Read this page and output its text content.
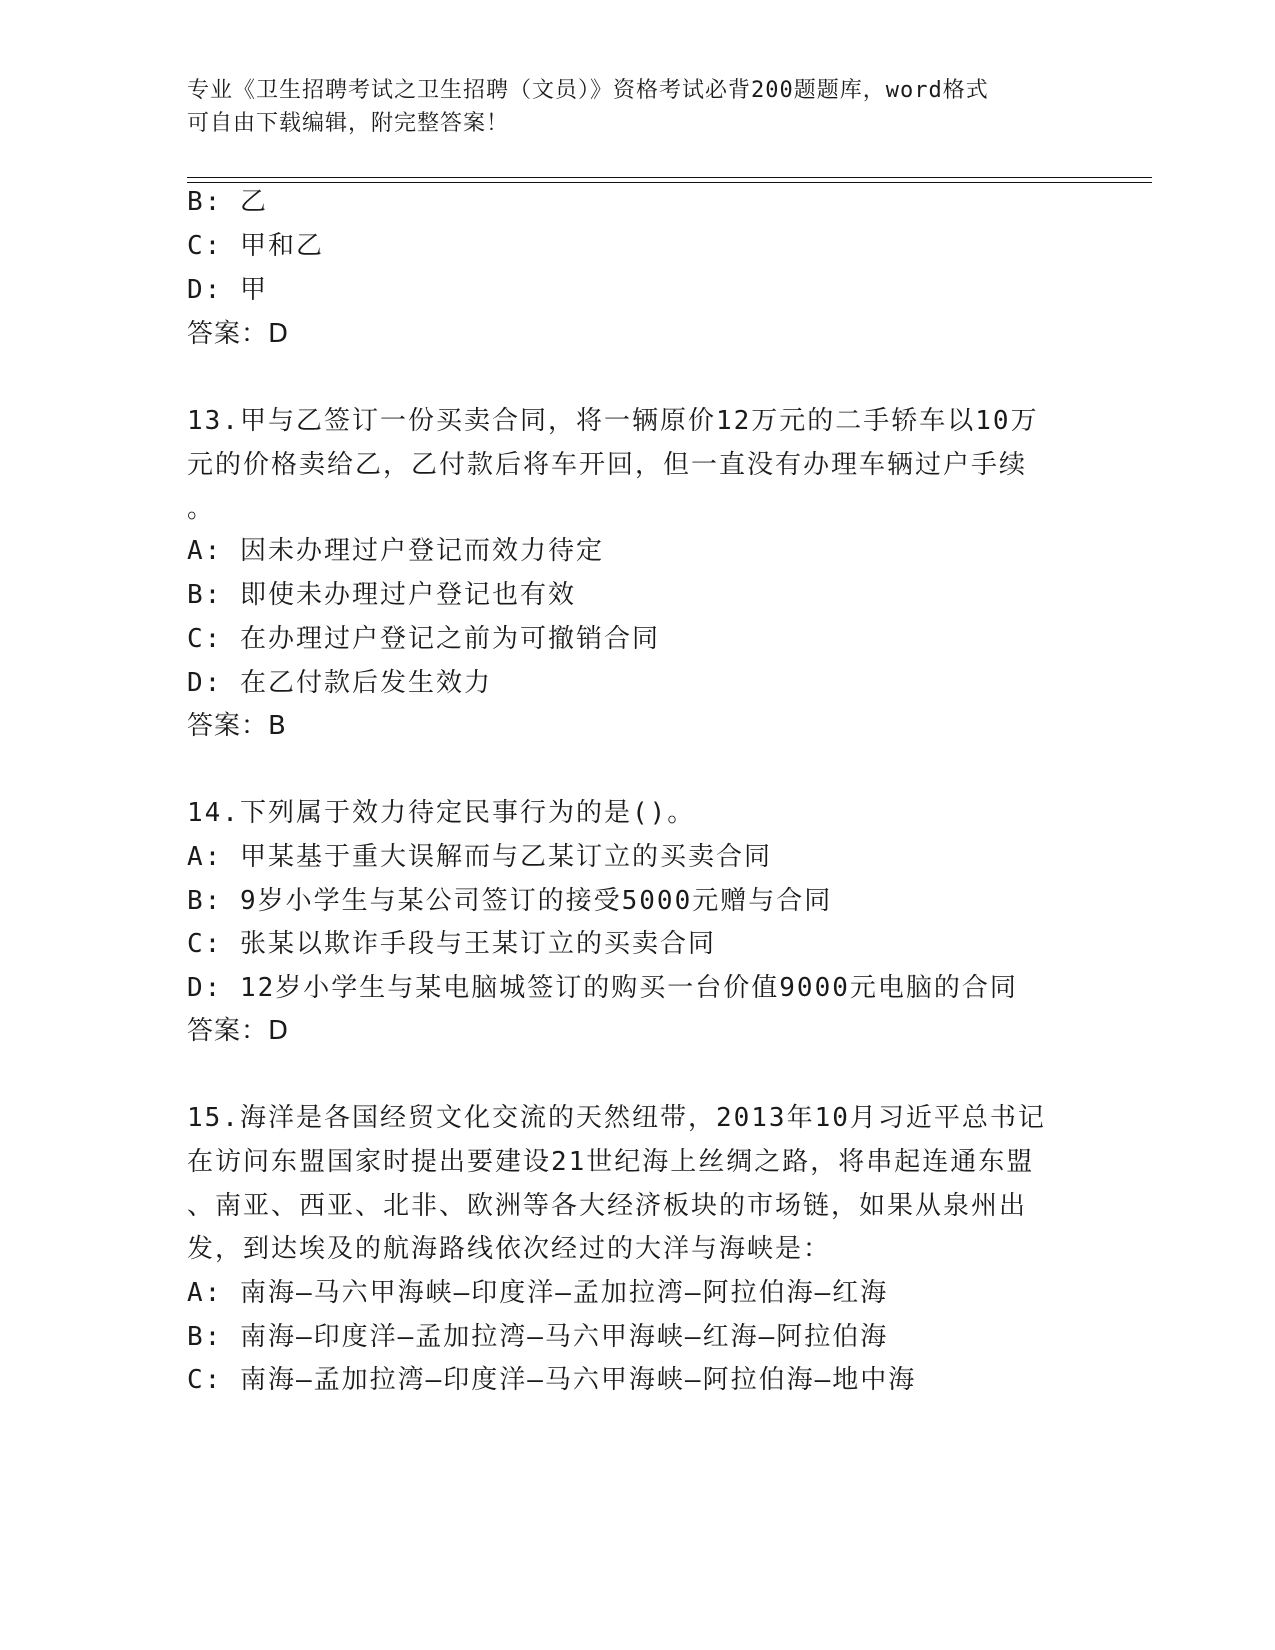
专业《卫生招聘考试之卫生招聘（文员）》资格考试必背200题题库，word格式
可自由下载编辑，附完整答案！
B: 乙
C: 甲和乙
D: 甲
答案：D
13.甲与乙签订一份买卖合同，将一辆原价12万元的二手轿车以10万
元的价格卖给乙，乙付款后将车开回，但一直没有办理车辆过户手续
。
A: 因未办理过户登记而效力待定
B: 即使未办理过户登记也有效
C: 在办理过户登记之前为可撤销合同
D: 在乙付款后发生效力
答案：B
14.下列属于效力待定民事行为的是()。
A: 甲某基于重大误解而与乙某订立的买卖合同
B: 9岁小学生与某公司签订的接受5000元赠与合同
C: 张某以欺诈手段与王某订立的买卖合同
D: 12岁小学生与某电脑城签订的购买一台价值9000元电脑的合同
答案：D
15.海洋是各国经贸文化交流的天然纽带，2013年10月习近平总书记
在访问东盟国家时提出要建设21世纪海上丝绸之路，将串起连通东盟
、南亚、西亚、北非、欧洲等各大经济板块的市场链，如果从泉州出
发，到达埃及的航海路线依次经过的大洋与海峡是：
A: 南海—马六甲海峡—印度洋—孟加拉湾—阿拉伯海—红海
B: 南海—印度洋—孟加拉湾—马六甲海峡—红海—阿拉伯海
C: 南海—孟加拉湾—印度洋—马六甲海峡—阿拉伯海—地中海
